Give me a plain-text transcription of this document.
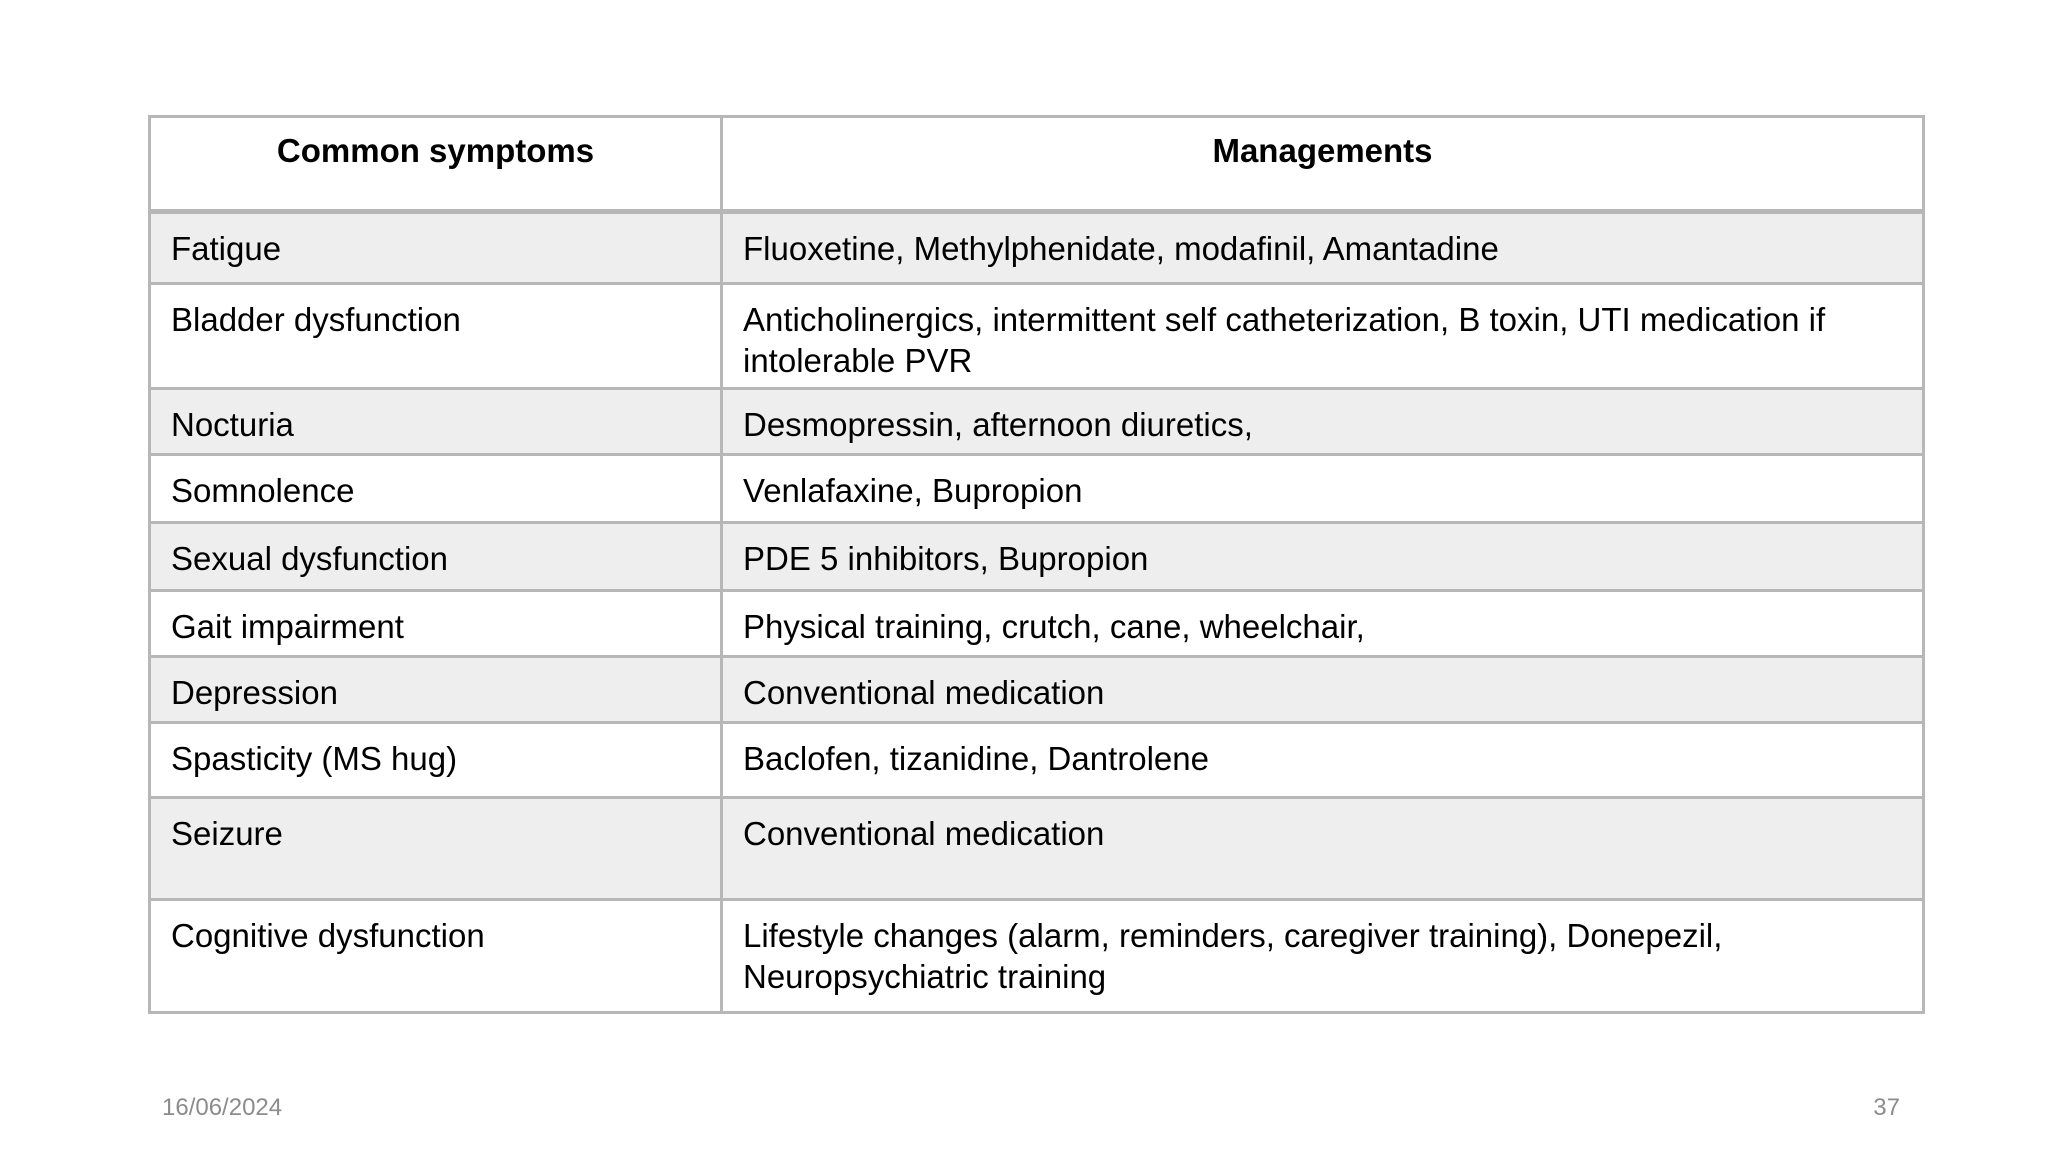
Common symptoms	Managements
Fatigue	Fluoxetine, Methylphenidate, modafinil, Amantadine
Bladder dysfunction	Anticholinergics, intermittent self catheterization, B toxin, UTI medication if intolerable PVR
Nocturia	Desmopressin, afternoon diuretics,
Somnolence	Venlafaxine, Bupropion
Sexual dysfunction	PDE 5 inhibitors, Bupropion
Gait impairment	Physical training, crutch, cane, wheelchair,
Depression	Conventional medication
Spasticity (MS hug)	Baclofen, tizanidine, Dantrolene
Seizure	Conventional medication
Cognitive dysfunction	Lifestyle changes (alarm, reminders, caregiver training), Donepezil, Neuropsychiatric training
16/06/2024	37
